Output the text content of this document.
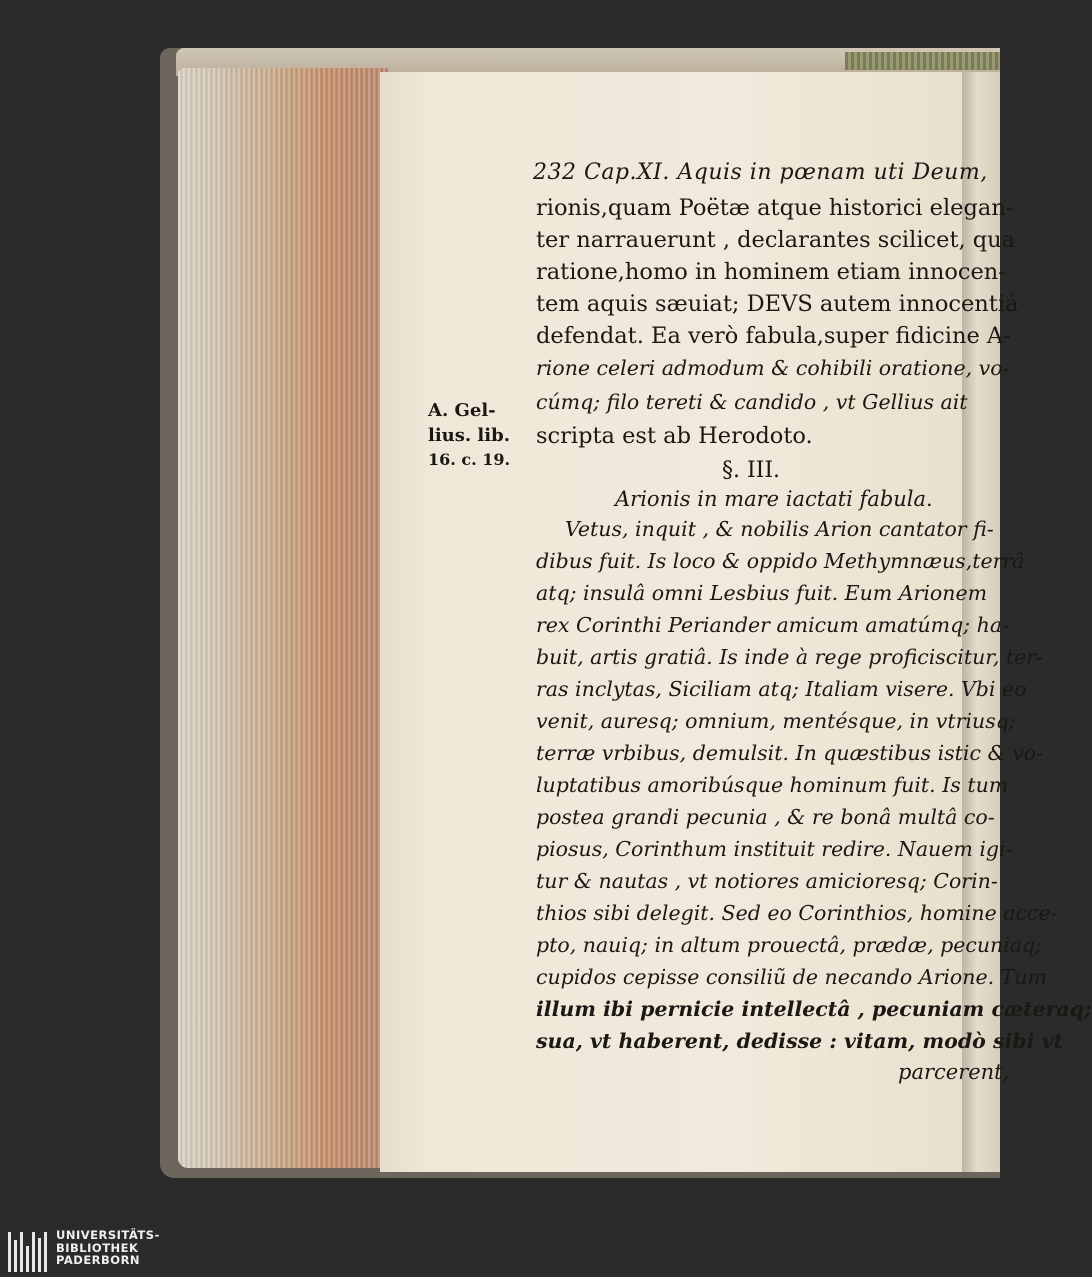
232 Cap.XI. Aquis in pœnam uti Deum,
rionis,quam Poëtæ atque historici elegan-
ter narrauerunt , declarantes scilicet, qua
ratione,homo in hominem etiam innocen-
tem aquis sæuiat; DEVS autem innocentiá
defendat. Ea verò fabula,super fidicine A-
rione celeri admodum & cohibili oratione, vo-
cúmq; filo tereti & candido , vt Gellius ait
scripta est ab Herodoto.
A. Gel-
lius. lib.
16. c. 19.	§. III.
Arionis in mare iactati fabula.
Vetus, inquit , & nobilis Arion cantator fi-
dibus fuit. Is loco & oppido Methymnæus,terrâ
atq; insulâ omni Lesbius fuit. Eum Arionem
rex Corinthi Periander amicum amatúmq; ha-
buit, artis gratiâ. Is inde à rege proficiscitur, ter-
ras inclytas, Siciliam atq; Italiam visere. Vbi eo
venit, auresq; omnium, mentésque, in vtriusq;
terræ vrbibus, demulsit. In quæstibus istic & vo-
luptatibus amoribúsque hominum fuit. Is tum
postea grandi pecunia , & re bonâ multâ co-
piosus, Corinthum instituit redire. Nauem igi-
tur & nautas , vt notiores amicioresq; Corin-
thios sibi delegit. Sed eo Corinthios, homine acce-
pto, nauiq; in altum prouectâ, prædæ, pecuniaq;
cupidos cepisse consiliũ de necando Arione. Tum
illum ibi pernicie intellectâ , pecuniam cæteraq;
sua, vt haberent, dedisse : vitam, modò sibi vt
parcerent,
UNIVERSITÄTS-
BIBLIOTHEK
PADERBORN
